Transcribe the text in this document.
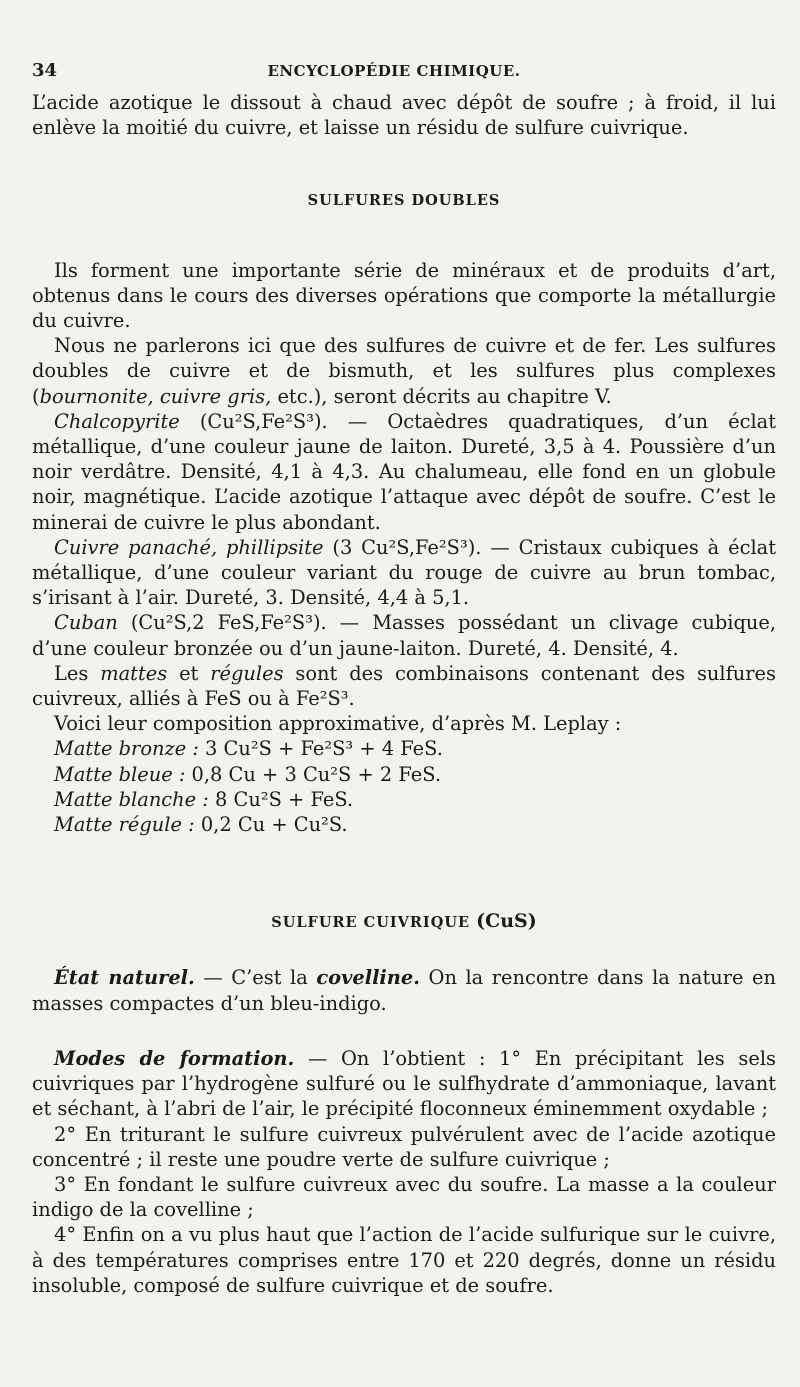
34	ENCYCLOPÉDIE CHIMIQUE.

L’acide azotique le dissout à chaud avec dépôt de soufre ; à froid, il lui enlève la moitié du cuivre, et laisse un résidu de sulfure cuivrique.

SULFURES DOUBLES

Ils forment une importante série de minéraux et de produits d’art, obtenus dans le cours des diverses opérations que comporte la métallurgie du cuivre.

Nous ne parlerons ici que des sulfures de cuivre et de fer. Les sulfures doubles de cuivre et de bismuth, et les sulfures plus complexes (bournonite, cuivre gris, etc.), seront décrits au chapitre V.

Chalcopyrite (Cu²S,Fe²S³). — Octaèdres quadratiques, d’un éclat métallique, d’une couleur jaune de laiton. Dureté, 3,5 à 4. Poussière d’un noir verdâtre. Densité, 4,1 à 4,3. Au chalumeau, elle fond en un globule noir, magnétique. L’acide azotique l’attaque avec dépôt de soufre. C’est le minerai de cuivre le plus abondant.

Cuivre panaché, phillipsite (3 Cu²S,Fe²S³). — Cristaux cubiques à éclat métallique, d’une couleur variant du rouge de cuivre au brun tombac, s’irisant à l’air. Dureté, 3. Densité, 4,4 à 5,1.

Cuban (Cu²S,2 FeS,Fe²S³). — Masses possédant un clivage cubique, d’une couleur bronzée ou d’un jaune-laiton. Dureté, 4. Densité, 4.

Les mattes et régules sont des combinaisons contenant des sulfures cuivreux, alliés à FeS ou à Fe²S³.

Voici leur composition approximative, d’après M. Leplay :

Matte bronze : 3 Cu²S + Fe²S³ + 4 FeS.

Matte bleue : 0,8 Cu + 3 Cu²S + 2 FeS.

Matte blanche : 8 Cu²S + FeS.

Matte régule : 0,2 Cu + Cu²S.

SULFURE CUIVRIQUE (CuS)

État naturel. — C’est la covelline. On la rencontre dans la nature en masses compactes d’un bleu-indigo.

Modes de formation. — On l’obtient : 1° En précipitant les sels cuivriques par l’hydrogène sulfuré ou le sulfhydrate d’ammoniaque, lavant et séchant, à l’abri de l’air, le précipité floconneux éminemment oxydable ;

2° En triturant le sulfure cuivreux pulvérulent avec de l’acide azotique concentré ; il reste une poudre verte de sulfure cuivrique ;

3° En fondant le sulfure cuivreux avec du soufre. La masse a la couleur indigo de la covelline ;

4° Enfin on a vu plus haut que l’action de l’acide sulfurique sur le cuivre, à des températures comprises entre 170 et 220 degrés, donne un résidu insoluble, composé de sulfure cuivrique et de soufre.
